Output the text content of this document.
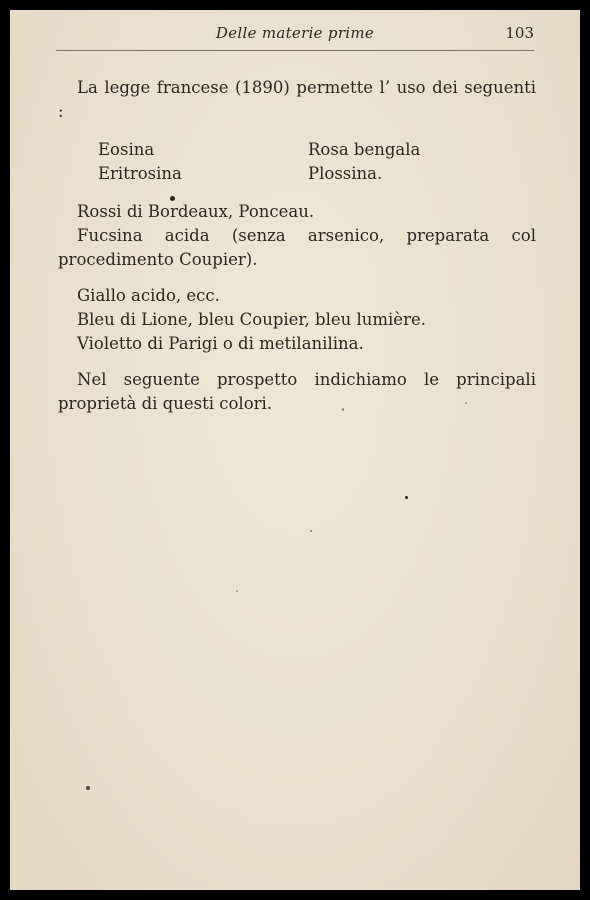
Delle materie prime	103

La legge francese (1890) permette l’ uso dei seguenti :

Eosina	Rosa bengala
Eritrosina	Plossina.

Rossi di Bordeaux, Ponceau.

Fucsina acida (senza arsenico, preparata col procedimento Coupier).

Giallo acido, ecc.

Bleu di Lione, bleu Coupier, bleu lumière.

Violetto di Parigi o di metilanilina.

Nel seguente prospetto indichiamo le principali proprietà di questi colori.
